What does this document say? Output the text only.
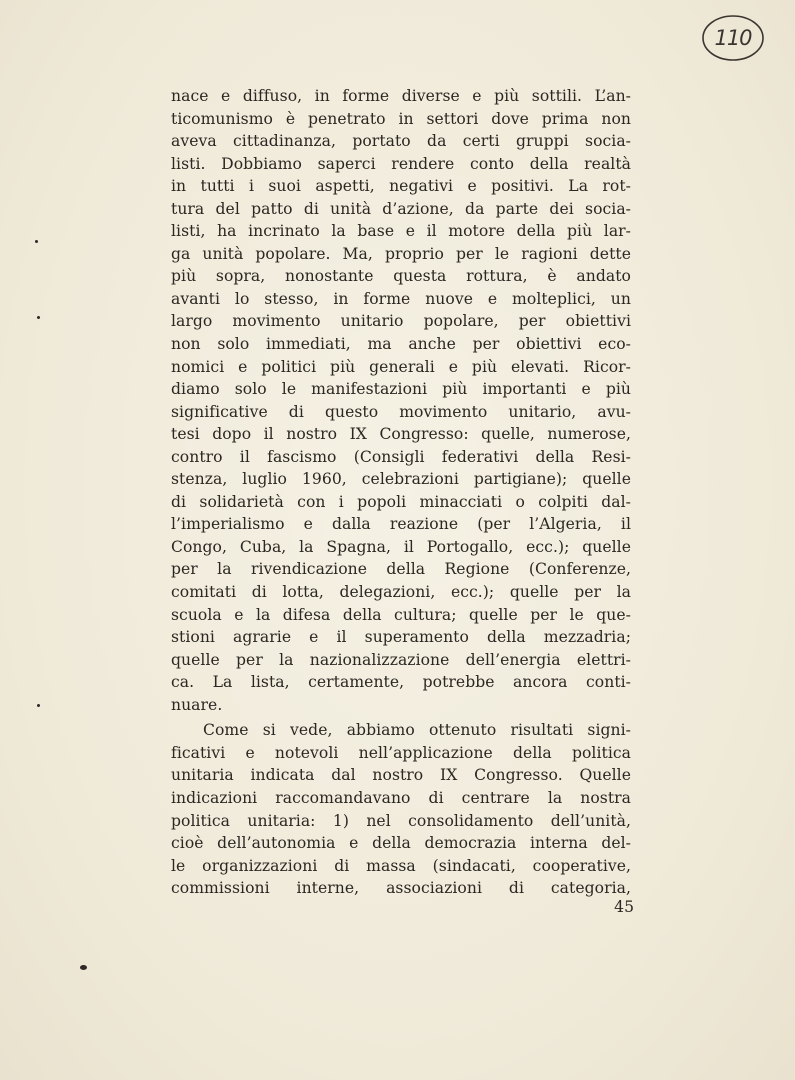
110
nace e diffuso, in forme diverse e più sottili. L’an-
ticomunismo è penetrato in settori dove prima non
aveva cittadinanza, portato da certi gruppi socia-
listi. Dobbiamo saperci rendere conto della realtà
in tutti i suoi aspetti, negativi e positivi. La rot-
tura del patto di unità d’azione, da parte dei socia-
listi, ha incrinato la base e il motore della più lar-
ga unità popolare. Ma, proprio per le ragioni dette
più sopra, nonostante questa rottura, è andato
avanti lo stesso, in forme nuove e molteplici, un
largo movimento unitario popolare, per obiettivi
non solo immediati, ma anche per obiettivi eco-
nomici e politici più generali e più elevati. Ricor-
diamo solo le manifestazioni più importanti e più
significative di questo movimento unitario, avu-
tesi dopo il nostro IX Congresso: quelle, numerose,
contro il fascismo (Consigli federativi della Resi-
stenza, luglio 1960, celebrazioni partigiane); quelle
di solidarietà con i popoli minacciati o colpiti dal-
l’imperialismo e dalla reazione (per l’Algeria, il
Congo, Cuba, la Spagna, il Portogallo, ecc.); quelle
per la rivendicazione della Regione (Conferenze,
comitati di lotta, delegazioni, ecc.); quelle per la
scuola e la difesa della cultura; quelle per le que-
stioni agrarie e il superamento della mezzadria;
quelle per la nazionalizzazione dell’energia elettri-
ca. La lista, certamente, potrebbe ancora conti-
nuare.
Come si vede, abbiamo ottenuto risultati signi-
ficativi e notevoli nell’applicazione della politica
unitaria indicata dal nostro IX Congresso. Quelle
indicazioni raccomandavano di centrare la nostra
politica unitaria: 1) nel consolidamento dell’unità,
cioè dell’autonomia e della democrazia interna del-
le organizzazioni di massa (sindacati, cooperative,
commissioni interne, associazioni di categoria,
45
